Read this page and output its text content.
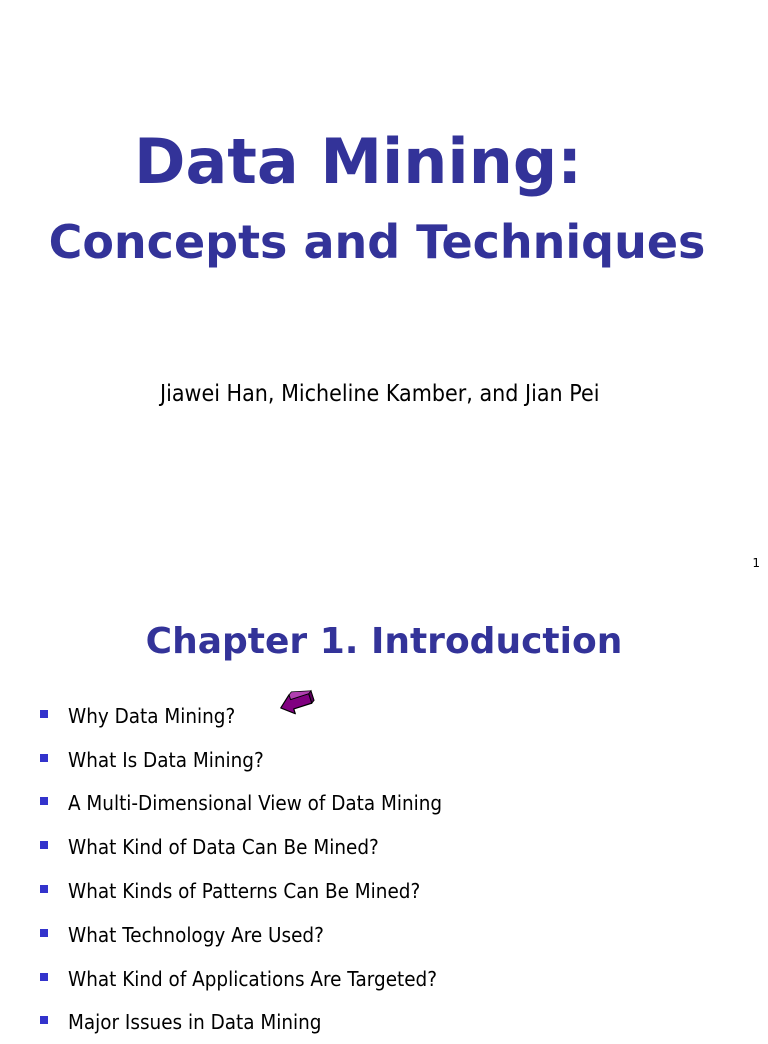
Data Mining:
Concepts and Techniques
Jiawei Han, Micheline Kamber, and Jian Pei
1
Chapter 1. Introduction
Why Data Mining?
What Is Data Mining?
A Multi-Dimensional View of Data Mining
What Kind of Data Can Be Mined?
What Kinds of Patterns Can Be Mined?
What Technology Are Used?
What Kind of Applications Are Targeted?
Major Issues in Data Mining
